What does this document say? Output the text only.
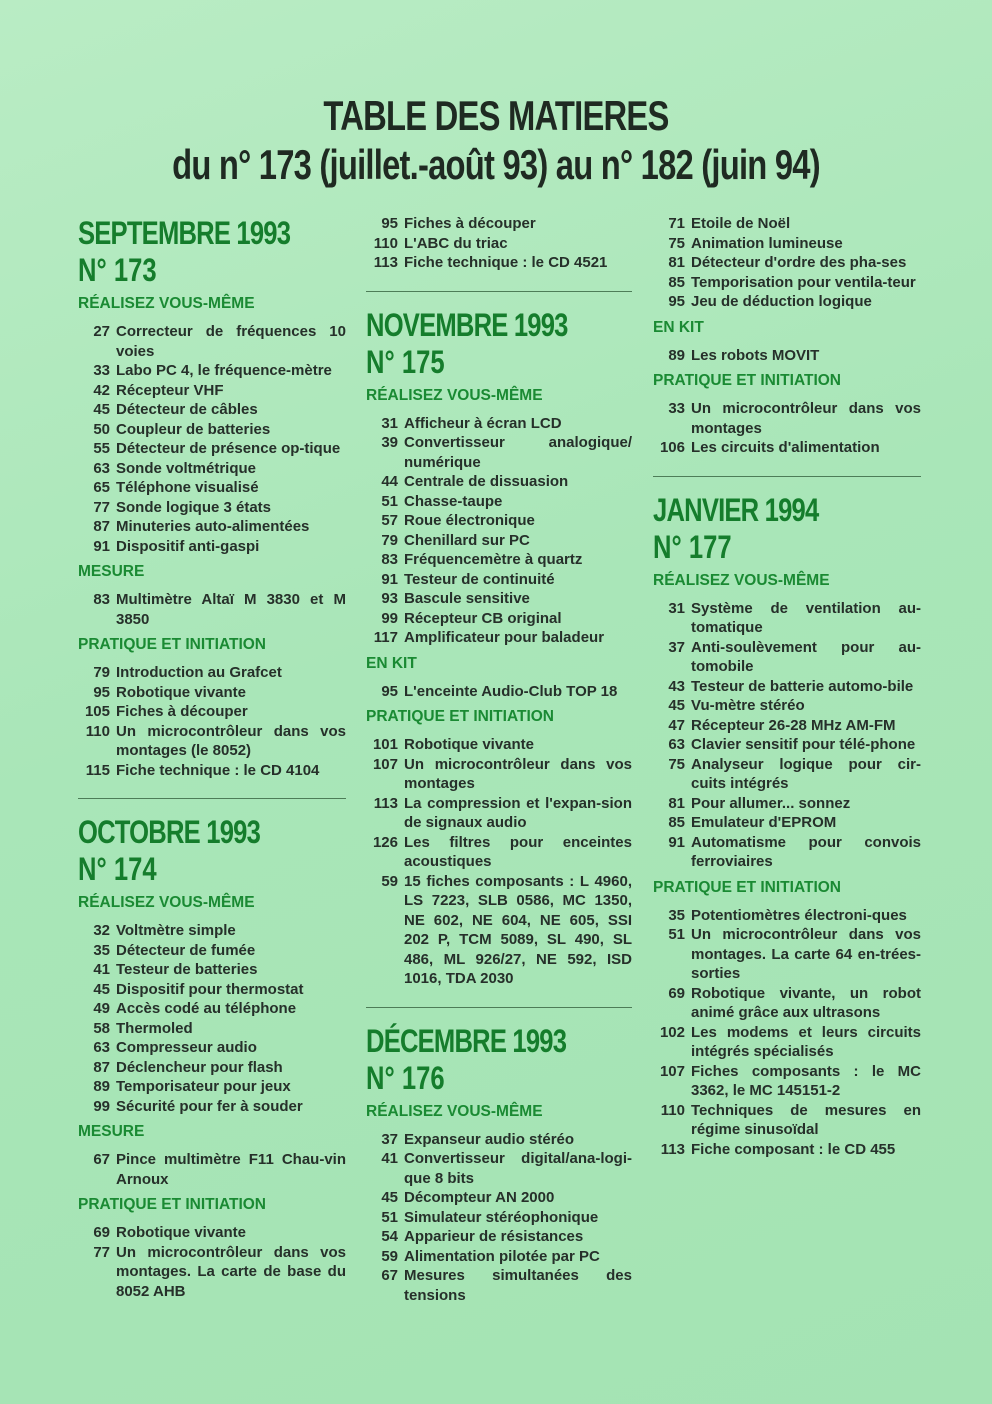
TABLE DES MATIERES
du n° 173 (juillet.-août 93) au n° 182 (juin 94)
SEPTEMBRE 1993
N° 173
RÉALISEZ VOUS-MÊME
27 Correcteur de fréquences 10 voies
33 Labo PC 4, le fréquence-mètre
42 Récepteur VHF
45 Détecteur de câbles
50 Coupleur de batteries
55 Détecteur de présence op-tique
63 Sonde voltmétrique
65 Téléphone visualisé
77 Sonde logique 3 états
87 Minuteries auto-alimentées
91 Dispositif anti-gaspi
MESURE
83 Multimètre Altaï M 3830 et M 3850
PRATIQUE ET INITIATION
79 Introduction au Grafcet
95 Robotique vivante
105 Fiches à découper
110 Un microcontrôleur dans vos montages (le 8052)
115 Fiche technique : le CD 4104
OCTOBRE 1993
N° 174
RÉALISEZ VOUS-MÊME
32 Voltmètre simple
35 Détecteur de fumée
41 Testeur de batteries
45 Dispositif pour thermostat
49 Accès codé au téléphone
58 Thermoled
63 Compresseur audio
87 Déclencheur pour flash
89 Temporisateur pour jeux
99 Sécurité pour fer à souder
MESURE
67 Pince multimètre F11 Chau-vin Arnoux
PRATIQUE ET INITIATION
69 Robotique vivante
77 Un microcontrôleur dans vos montages. La carte de base du 8052 AHB
95 Fiches à découper
110 L'ABC du triac
113 Fiche technique : le CD 4521
NOVEMBRE 1993
N° 175
RÉALISEZ VOUS-MÊME
31 Afficheur à écran LCD
39 Convertisseur analogique/ numérique
44 Centrale de dissuasion
51 Chasse-taupe
57 Roue électronique
79 Chenillard sur PC
83 Fréquencemètre à quartz
91 Testeur de continuité
93 Bascule sensitive
99 Récepteur CB original
117 Amplificateur pour baladeur
EN KIT
95 L'enceinte Audio-Club TOP 18
PRATIQUE ET INITIATION
101 Robotique vivante
107 Un microcontrôleur dans vos montages
113 La compression et l'expan-sion de signaux audio
126 Les filtres pour enceintes acoustiques
59 15 fiches composants : L 4960, LS 7223, SLB 0586, MC 1350, NE 602, NE 604, NE 605, SSI 202 P, TCM 5089, SL 490, SL 486, ML 926/27, NE 592, ISD 1016, TDA 2030
DÉCEMBRE 1993
N° 176
RÉALISEZ VOUS-MÊME
37 Expanseur audio stéréo
41 Convertisseur digital/ana-logi-que 8 bits
45 Décompteur AN 2000
51 Simulateur stéréophonique
54 Apparieur de résistances
59 Alimentation pilotée par PC
67 Mesures simultanées des tensions
71 Etoile de Noël
75 Animation lumineuse
81 Détecteur d'ordre des pha-ses
85 Temporisation pour ventila-teur
95 Jeu de déduction logique
EN KIT
89 Les robots MOVIT
PRATIQUE ET INITIATION
33 Un microcontrôleur dans vos montages
106 Les circuits d'alimentation
JANVIER 1994
N° 177
RÉALISEZ VOUS-MÊME
31 Système de ventilation au-tomatique
37 Anti-soulèvement pour au-tomobile
43 Testeur de batterie automo-bile
45 Vu-mètre stéréo
47 Récepteur 26-28 MHz AM-FM
63 Clavier sensitif pour télé-phone
75 Analyseur logique pour cir-cuits intégrés
81 Pour allumer... sonnez
85 Emulateur d'EPROM
91 Automatisme pour convois ferroviaires
PRATIQUE ET INITIATION
35 Potentiomètres électroni-ques
51 Un microcontrôleur dans vos montages. La carte 64 en-trées-sorties
69 Robotique vivante, un robot animé grâce aux ultrasons
102 Les modems et leurs circuits intégrés spécialisés
107 Fiches composants : le MC 3362, le MC 145151-2
110 Techniques de mesures en régime sinusoïdal
113 Fiche composant : le CD 455
